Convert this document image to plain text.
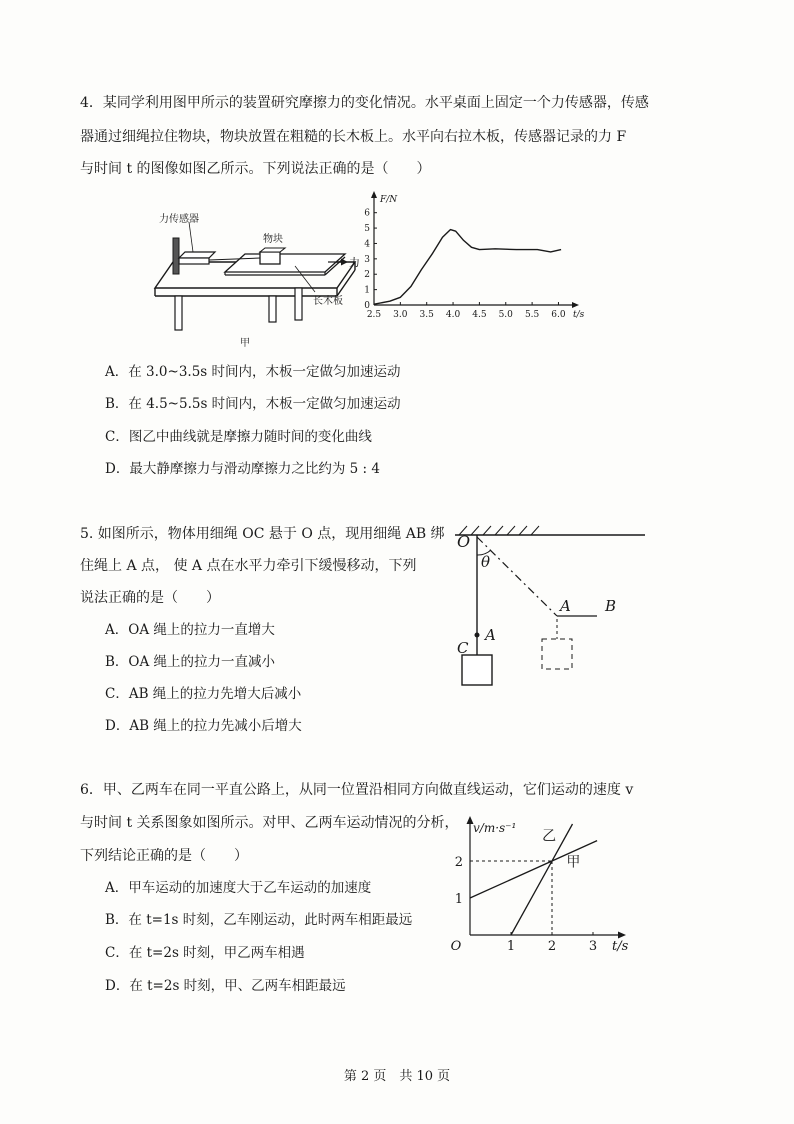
4．某同学利用图甲所示的装置研究摩擦力的变化情况。水平桌面上固定一个力传感器，传感
器通过细绳拉住物块，物块放置在粗糙的长木板上。水平向右拉木板，传感器记录的力 F
与时间 t 的图像如图乙所示。下列说法正确的是（　　）
力传感器
物块
力
长木板
甲
2.5 3.0 3.5 4.0 4.5 5.0 5.5 6.0
0
1
2
3
4
5
6
F/N
t/s
A．在 3.0~3.5s 时间内，木板一定做匀加速运动
B．在 4.5~5.5s 时间内，木板一定做匀加速运动
C．图乙中曲线就是摩擦力随时间的变化曲线
D．最大静摩擦力与滑动摩擦力之比约为 5 : 4
5. 如图所示，物体用细绳 OC 悬于 O 点，现用细绳 AB 绑
住绳上 A 点， 使 A 点在水平力牵引下缓慢移动，下列
说法正确的是（　　）
A．OA 绳上的拉力一直增大
B．OA 绳上的拉力一直减小
C．AB 绳上的拉力先增大后减小
D．AB 绳上的拉力先减小后增大
O
θ
A B
A
C
6．甲、乙两车在同一平直公路上，从同一位置沿相同方向做直线运动，它们运动的速度 v
与时间 t 关系图象如图所示。对甲、乙两车运动情况的分析，
下列结论正确的是（　　）
A．甲车运动的加速度大于乙车运动的加速度
B．在 t=1s 时刻，乙车刚运动，此时两车相距最远
C．在 t=2s 时刻，甲乙两车相遇
D．在 t=2s 时刻，甲、乙两车相距最远
v/m·s⁻¹
t/s
O	1	2	3
1
2	甲
乙
第 2 页　共 10 页
